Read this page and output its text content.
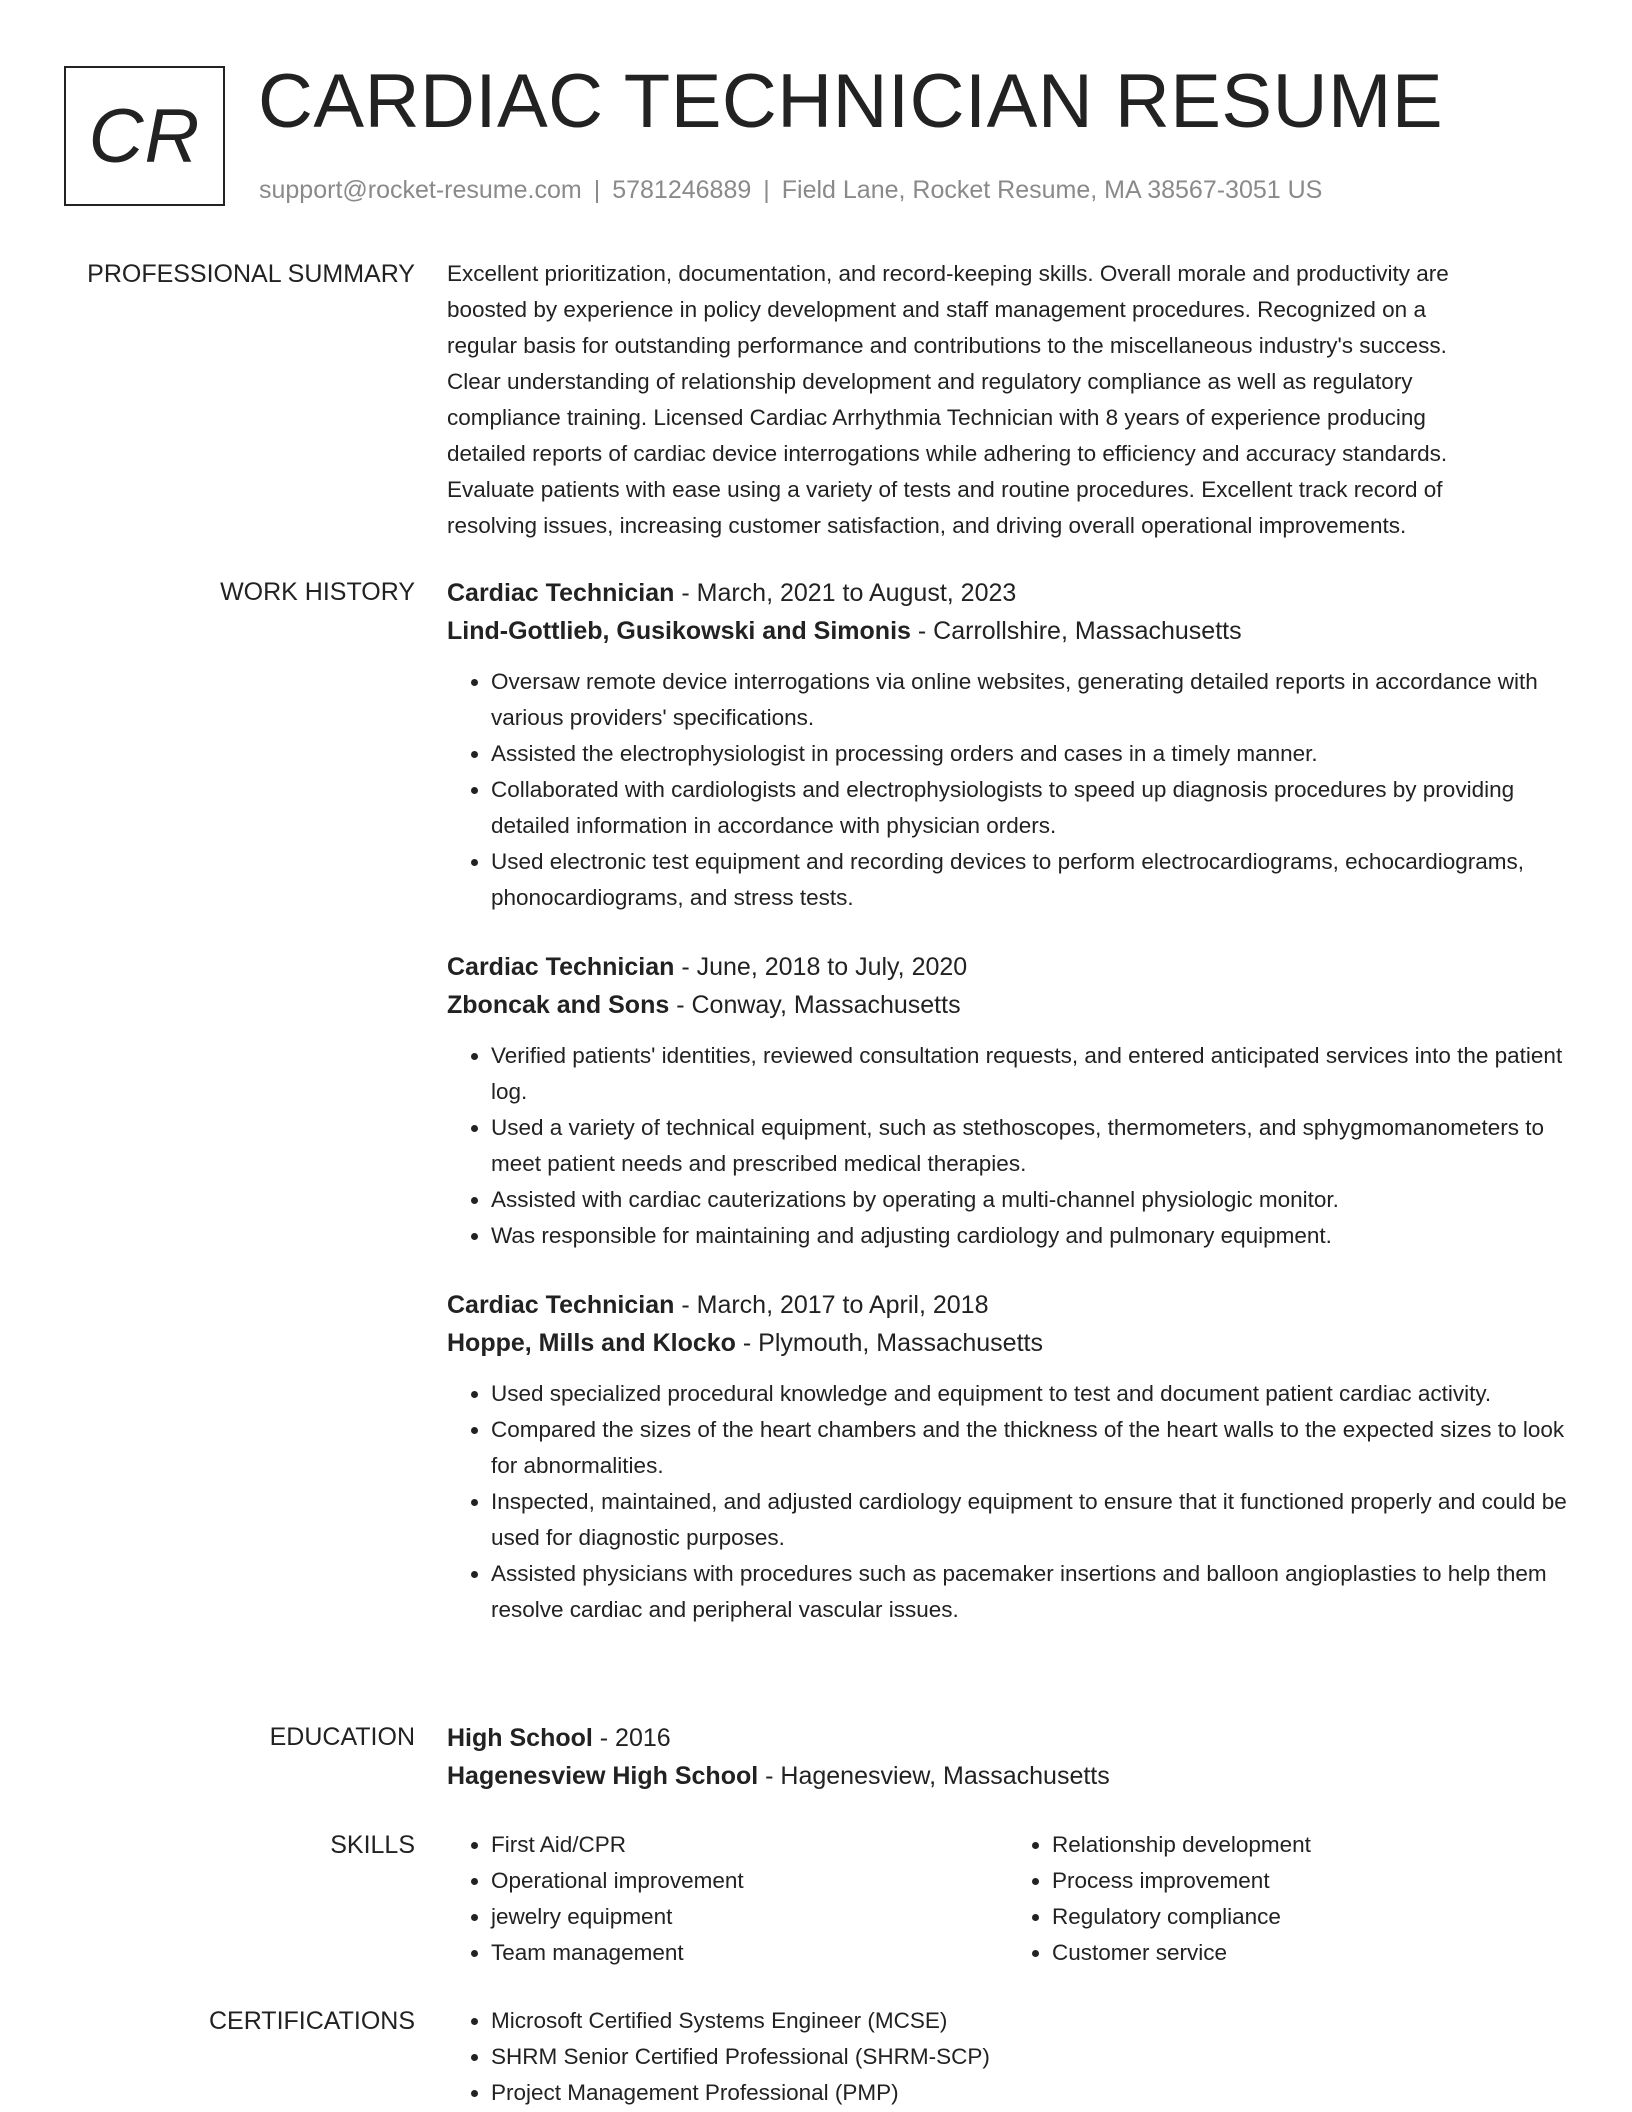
CR CARDIAC TECHNICIAN RESUME
support@rocket-resume.com | 5781246889 | Field Lane, Rocket Resume, MA 38567-3051 US
PROFESSIONAL SUMMARY Excellent prioritization, documentation, and record-keeping skills. Overall morale and productivity are
boosted by experience in policy development and staff management procedures. Recognized on a
regular basis for outstanding performance and contributions to the miscellaneous industry's success.
Clear understanding of relationship development and regulatory compliance as well as regulatory
compliance training. Licensed Cardiac Arrhythmia Technician with 8 years of experience producing
detailed reports of cardiac device interrogations while adhering to efficiency and accuracy standards.
Evaluate patients with ease using a variety of tests and routine procedures. Excellent track record of
resolving issues, increasing customer satisfaction, and driving overall operational improvements.

WORK HISTORY Cardiac Technician - March, 2021 to August, 2023
Lind-Gottlieb, Gusikowski and Simonis - Carrollshire, Massachusetts
• Oversaw remote device interrogations via online websites, generating detailed reports in accordance with various providers' specifications.
• Assisted the electrophysiologist in processing orders and cases in a timely manner.
• Collaborated with cardiologists and electrophysiologists to speed up diagnosis procedures by providing detailed information in accordance with physician orders.
• Used electronic test equipment and recording devices to perform electrocardiograms, echocardiograms, phonocardiograms, and stress tests.
Cardiac Technician - June, 2018 to July, 2020
Zboncak and Sons - Conway, Massachusetts
• Verified patients' identities, reviewed consultation requests, and entered anticipated services into the patient log.
• Used a variety of technical equipment, such as stethoscopes, thermometers, and sphygmomanometers to meet patient needs and prescribed medical therapies.
• Assisted with cardiac cauterizations by operating a multi-channel physiologic monitor.
• Was responsible for maintaining and adjusting cardiology and pulmonary equipment.
Cardiac Technician - March, 2017 to April, 2018
Hoppe, Mills and Klocko - Plymouth, Massachusetts
• Used specialized procedural knowledge and equipment to test and document patient cardiac activity.
• Compared the sizes of the heart chambers and the thickness of the heart walls to the expected sizes to look for abnormalities.
• Inspected, maintained, and adjusted cardiology equipment to ensure that it functioned properly and could be used for diagnostic purposes.
• Assisted physicians with procedures such as pacemaker insertions and balloon angioplasties to help them resolve cardiac and peripheral vascular issues.
EDUCATION High School - 2016
Hagenesview High School - Hagenesview, Massachusetts
SKILLS	• First Aid/CPR
• Operational improvement
• jewelry equipment
• Team management
• Relationship development
• Process improvement
• Regulatory compliance
• Customer service
CERTIFICATIONS	• Microsoft Certified Systems Engineer (MCSE)
• SHRM Senior Certified Professional (SHRM-SCP)
• Project Management Professional (PMP)
